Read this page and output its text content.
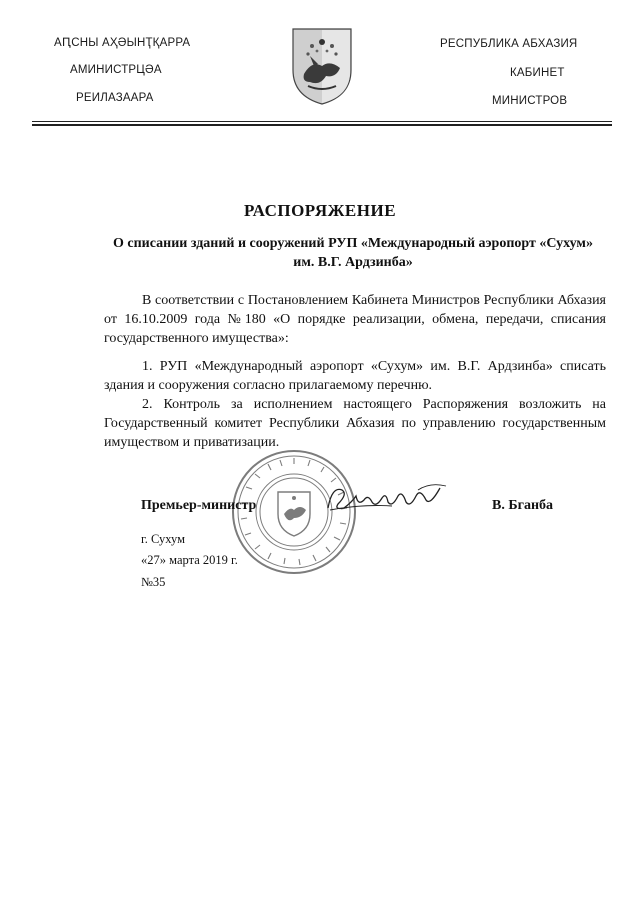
АԤСНЫ АҲӘЫНҬҚАРРА
АМИНИСТРЦӘА
РЕИЛАЗААРА
РЕСПУБЛИКА АБХАЗИЯ
КАБИНЕТ
МИНИСТРОВ
РАСПОРЯЖЕНИЕ
О списании зданий и сооружений РУП «Международный аэропорт «Сухум» им. В.Г. Ардзинба»
В соответствии с Постановлением Кабинета Министров Республики Абхазия от 16.10.2009 года №180 «О порядке реализации, обмена, передачи, списания государственного имущества»:
1. РУП «Международный аэропорт «Сухум» им. В.Г. Ардзинба» списать здания и сооружения согласно прилагаемому перечню.
2. Контроль за исполнением настоящего Распоряжения возложить на Государственный комитет Республики Абхазия по управлению государственным имуществом и приватизации.
Премьер-министр	В. Бганба
г. Сухум
«27» марта 2019 г.
№35
